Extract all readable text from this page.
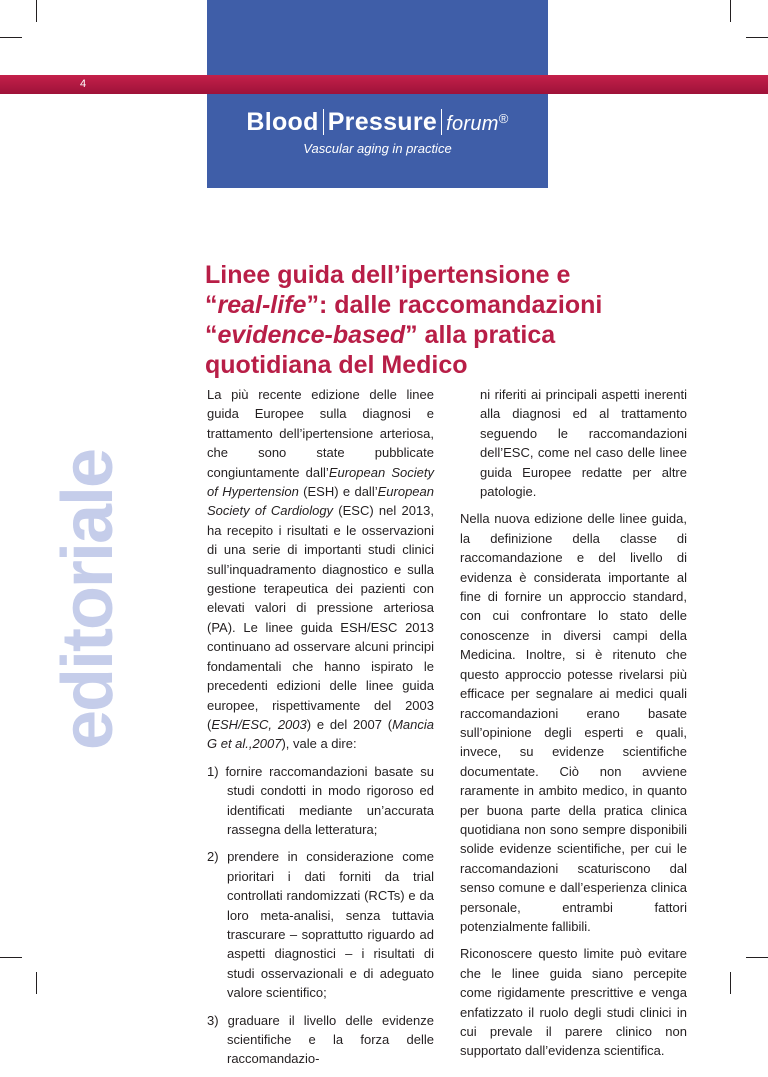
4
Blood Pressure forum®
Vascular aging in practice
Linee guida dell’ipertensione e
“real-life”: dalle raccomandazioni
“evidence-based” alla pratica
quotidiana del Medico
editoriale

La più recente edizione delle linee guida Europee sulla diagnosi e trattamento dell’ipertensione arteriosa, che sono state pubblicate congiuntamente dall’European Society of Hypertension (ESH) e dall’European Society of Cardiology (ESC) nel 2013, ha recepito i risultati e le osservazioni di una serie di importanti studi clinici sull’inquadramento diagnostico e sulla gestione terapeutica dei pazienti con elevati valori di pressione arteriosa (PA). Le linee guida ESH/ESC 2013 continuano ad osservare alcuni principi fondamentali che hanno ispirato le precedenti edizioni delle linee guida europee, rispettivamente del 2003 (ESH/ESC, 2003) e del 2007 (Mancia G et al.,2007), vale a dire:

1) fornire raccomandazioni basate su studi condotti in modo rigoroso ed identificati mediante un’accurata rassegna della letteratura;
2) prendere in considerazione come prioritari i dati forniti da trial controllati randomizzati (RCTs) e da loro meta-analisi, senza tuttavia trascurare – soprattutto riguardo ad aspetti diagnostici – i risultati di studi osservazionali e di adeguato valore scientifico;
3) graduare il livello delle evidenze scientifiche e la forza delle raccomandazio-

ni riferiti ai principali aspetti inerenti alla diagnosi ed al trattamento seguendo le raccomandazioni dell’ESC, come nel caso delle linee guida Europee redatte per altre patologie.

Nella nuova edizione delle linee guida, la definizione della classe di raccomandazione e del livello di evidenza è considerata importante al fine di fornire un approccio standard, con cui confrontare lo stato delle conoscenze in diversi campi della Medicina. Inoltre, si è ritenuto che questo approccio potesse rivelarsi più efficace per segnalare ai medici quali raccomandazioni erano basate sull’opinione degli esperti e quali, invece, su evidenze scientifiche documentate. Ciò non avviene raramente in ambito medico, in quanto per buona parte della pratica clinica quotidiana non sono sempre disponibili solide evidenze scientifiche, per cui le raccomandazioni scaturiscono dal senso comune e dall’esperienza clinica personale, entrambi fattori potenzialmente fallibili.

Riconoscere questo limite può evitare che le linee guida siano percepite come rigidamente prescrittive e venga enfatizzato il ruolo degli studi clinici in cui prevale il parere clinico non supportato dall’evidenza scientifica.
